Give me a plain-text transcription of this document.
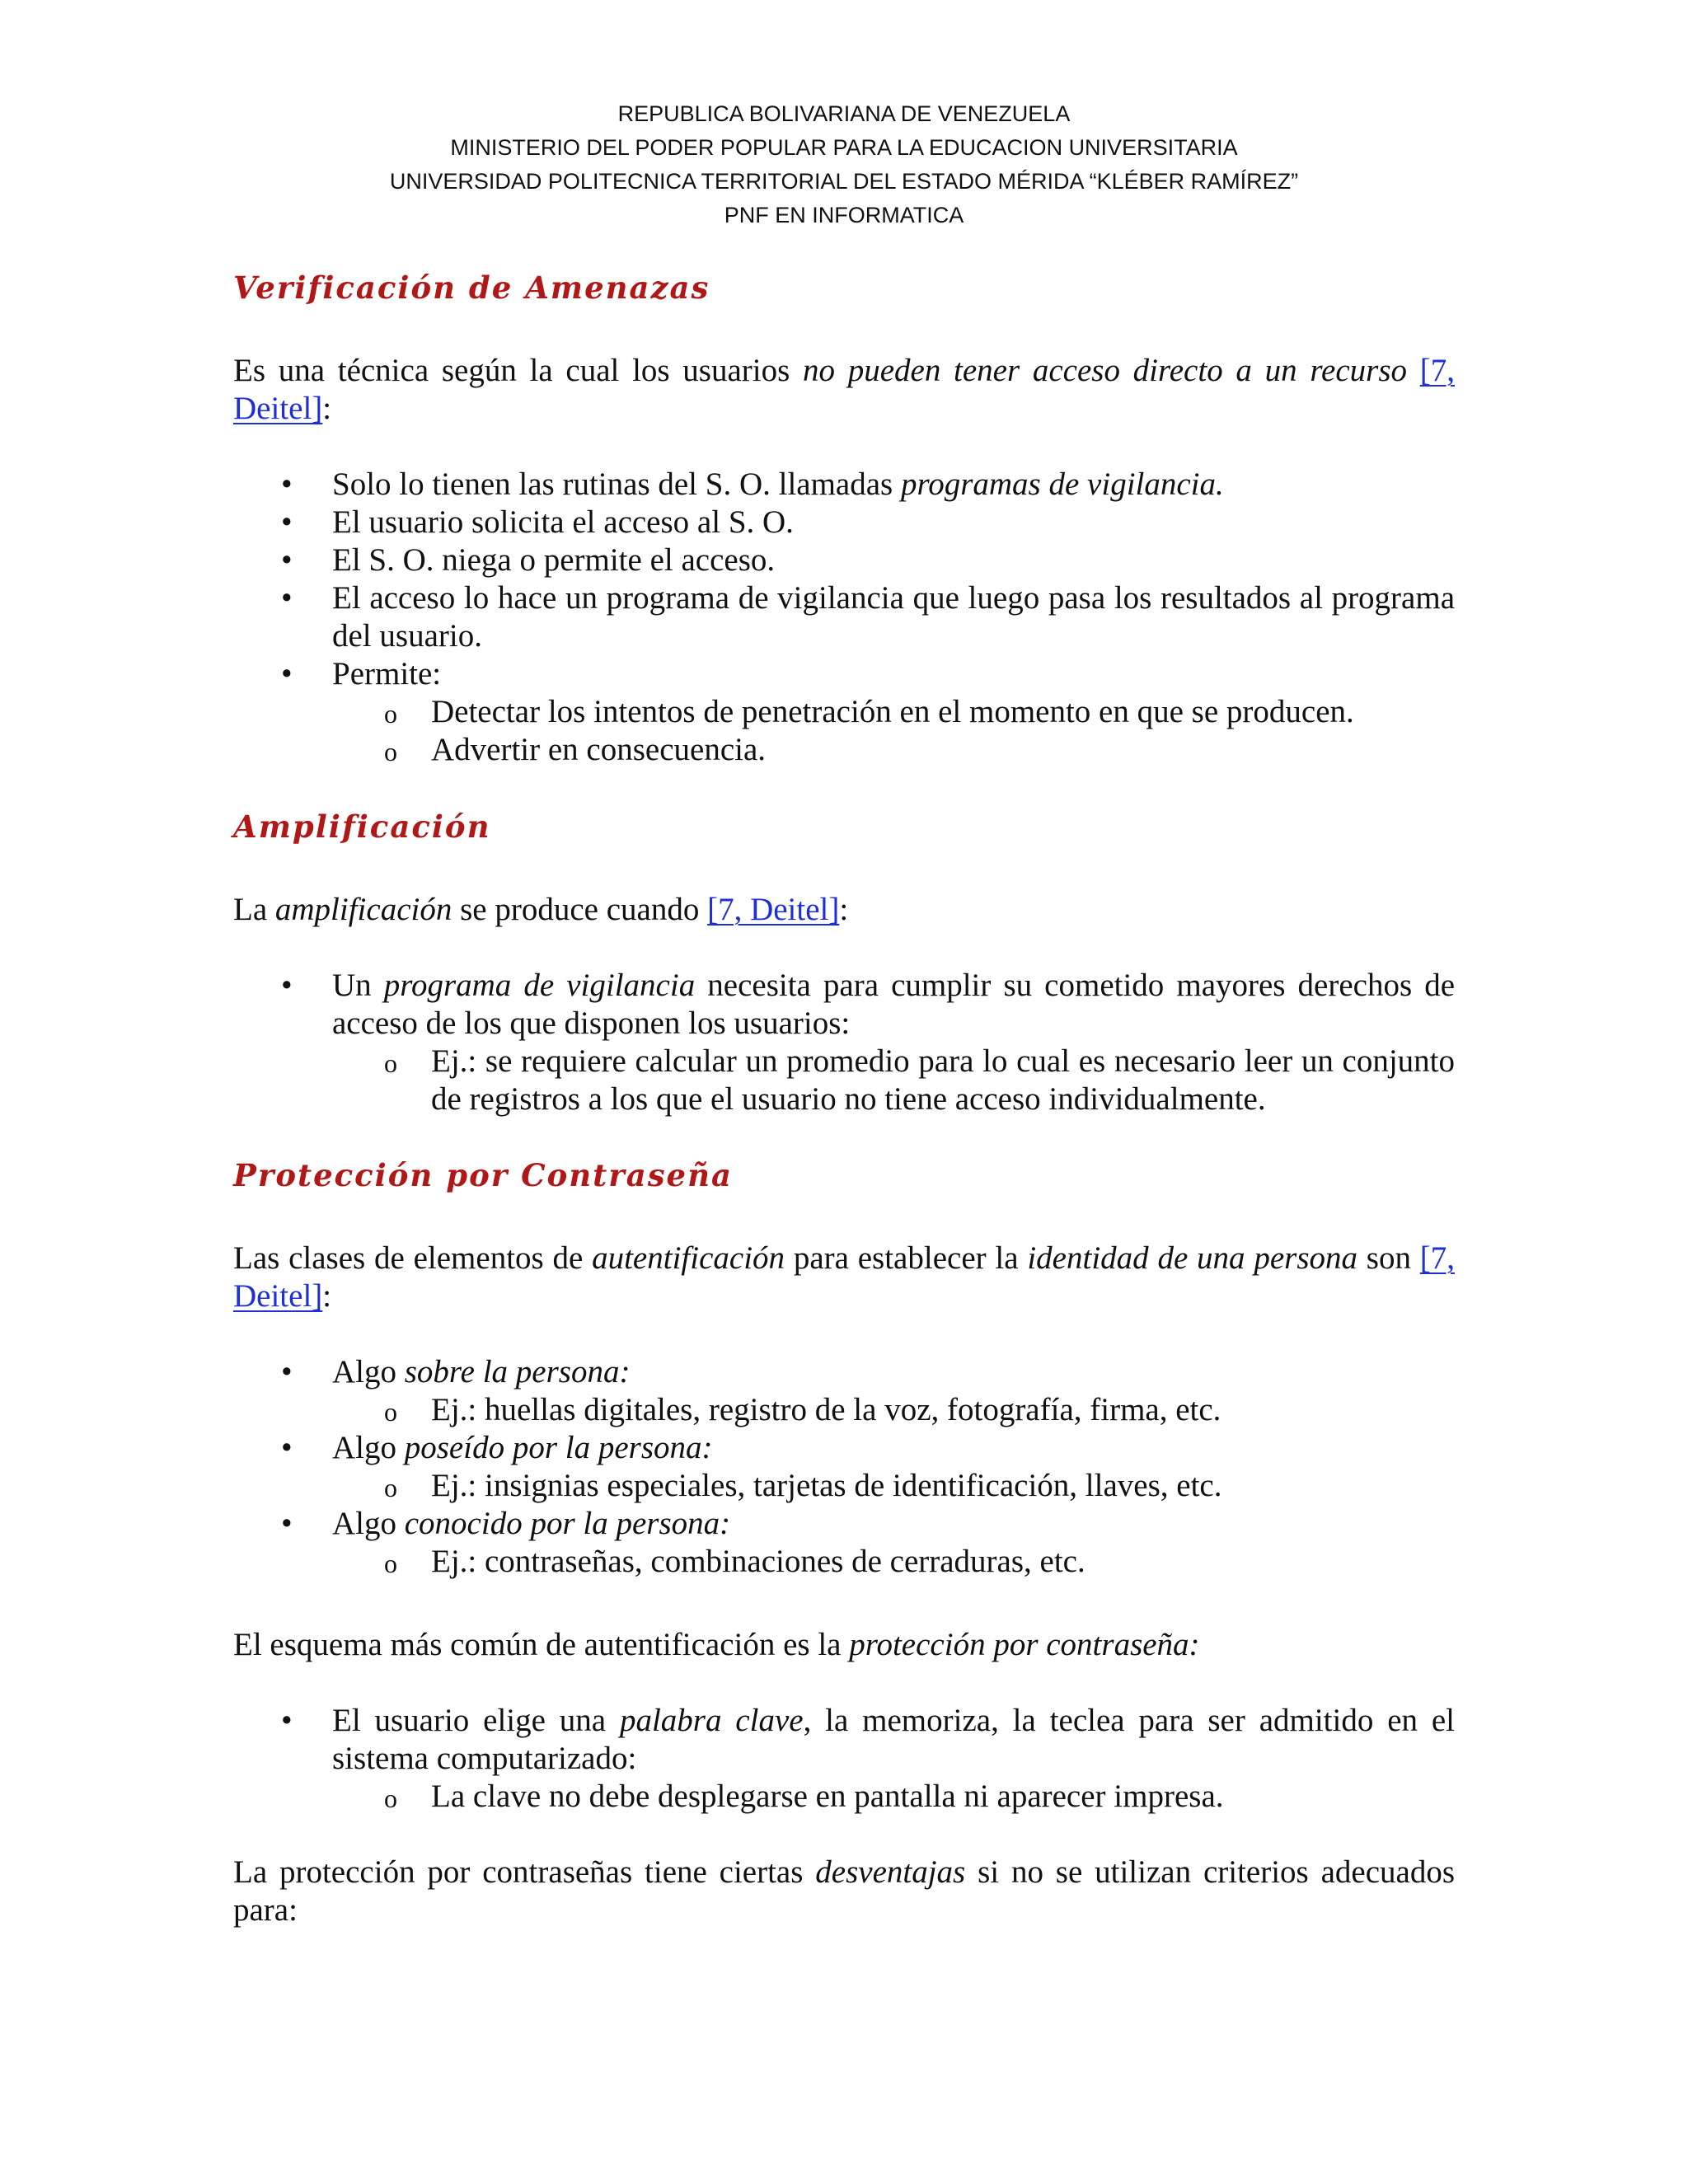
REPUBLICA BOLIVARIANA DE VENEZUELA
MINISTERIO DEL PODER POPULAR PARA LA EDUCACION UNIVERSITARIA
UNIVERSIDAD POLITECNICA TERRITORIAL DEL ESTADO MÉRIDA “KLÉBER RAMÍREZ”
PNF EN INFORMATICA
Verificación de Amenazas

Es una técnica según la cual los usuarios no pueden tener acceso directo a un recurso [7, Deitel]:

• Solo lo tienen las rutinas del S. O. llamadas programas de vigilancia.
• El usuario solicita el acceso al S. O.
• El S. O. niega o permite el acceso.
• El acceso lo hace un programa de vigilancia que luego pasa los resultados al programa del usuario.
• Permite:
o Detectar los intentos de penetración en el momento en que se producen.
o Advertir en consecuencia.
Amplificación

La amplificación se produce cuando [7, Deitel]:

• Un programa de vigilancia necesita para cumplir su cometido mayores derechos de acceso de los que disponen los usuarios:
o Ej.: se requiere calcular un promedio para lo cual es necesario leer un conjunto de registros a los que el usuario no tiene acceso individualmente.
Protección por Contraseña

Las clases de elementos de autentificación para establecer la identidad de una persona son [7, Deitel]:

• Algo sobre la persona:
o Ej.: huellas digitales, registro de la voz, fotografía, firma, etc.
• Algo poseído por la persona:
o Ej.: insignias especiales, tarjetas de identificación, llaves, etc.
• Algo conocido por la persona:
o Ej.: contraseñas, combinaciones de cerraduras, etc.

El esquema más común de autentificación es la protección por contraseña:

• El usuario elige una palabra clave, la memoriza, la teclea para ser admitido en el sistema computarizado:
o La clave no debe desplegarse en pantalla ni aparecer impresa.

La protección por contraseñas tiene ciertas desventajas si no se utilizan criterios adecuados para:
